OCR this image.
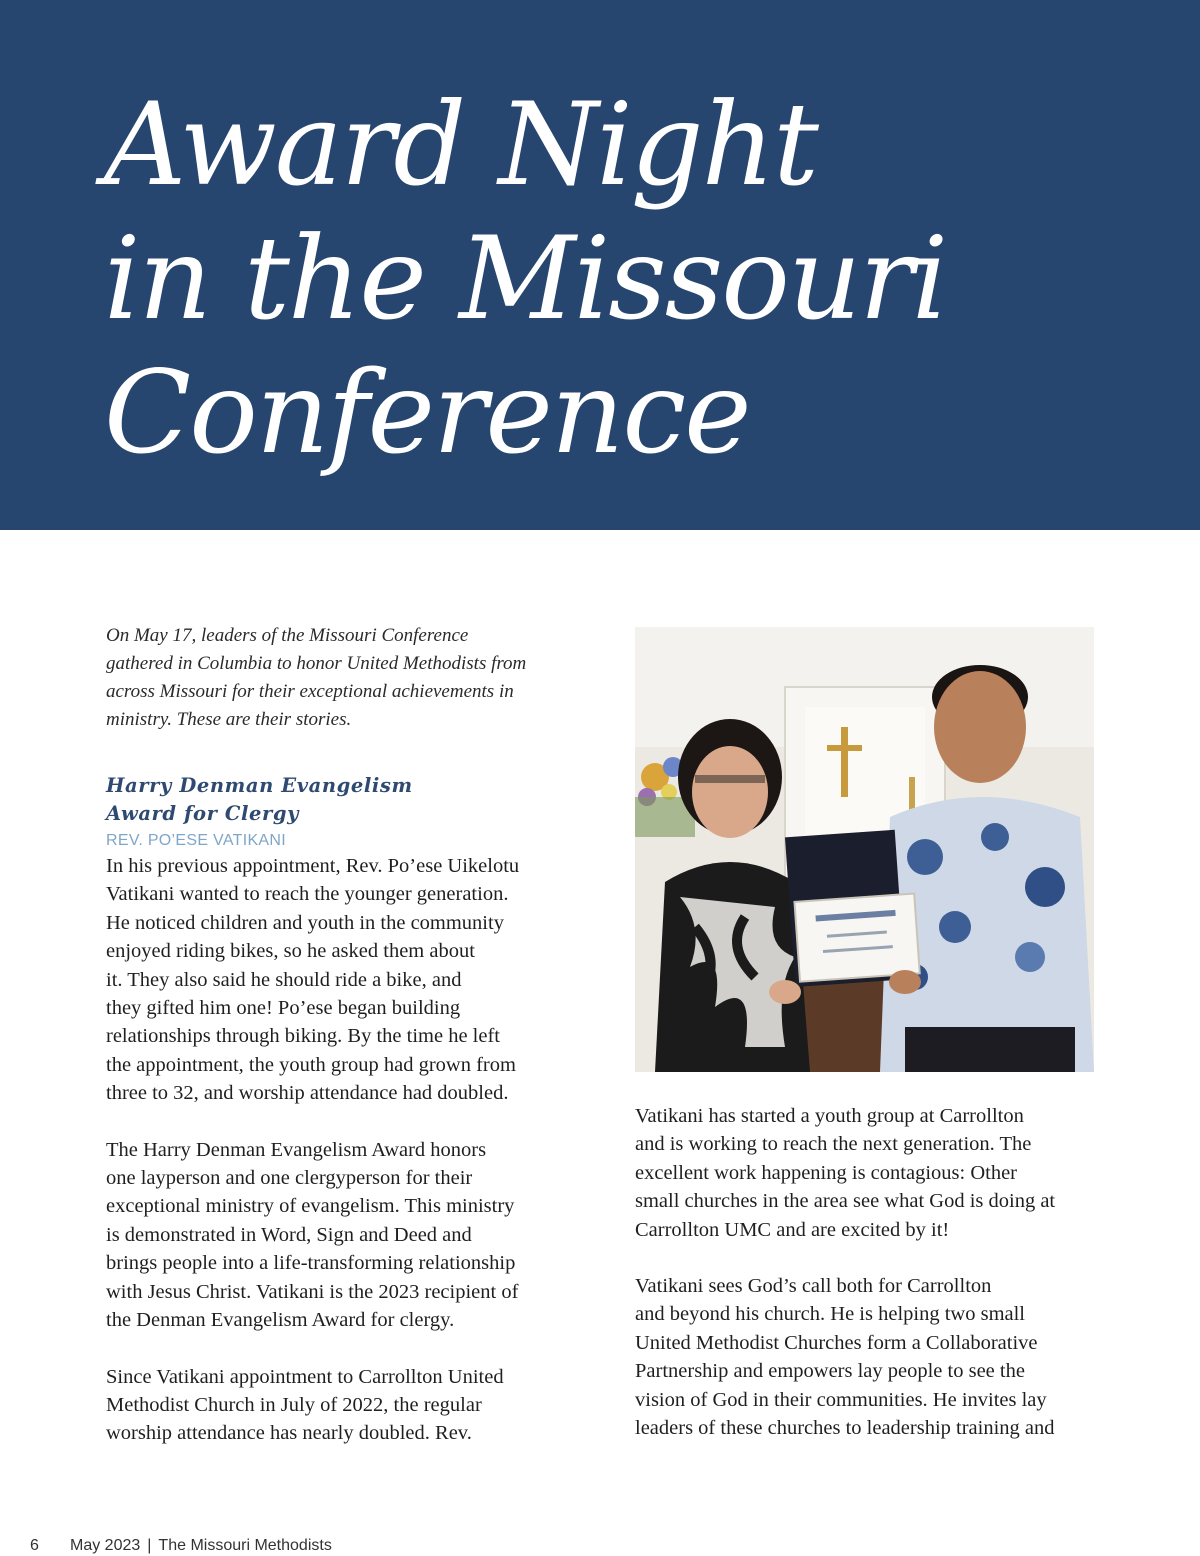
Award Night
in the Missouri
Conference

On May 17, leaders of the Missouri Conference
gathered in Columbia to honor United Methodists from
across Missouri for their exceptional achievements in
ministry. These are their stories.

Harry Denman Evangelism
Award for Clergy

REV. PO’ESE VATIKANI

In his previous appointment, Rev. Po’ese Uikelotu
Vatikani wanted to reach the younger generation.
He noticed children and youth in the community
enjoyed riding bikes, so he asked them about
it. They also said he should ride a bike, and
they gifted him one! Po’ese began building
relationships through biking. By the time he left
the appointment, the youth group had grown from
three to 32, and worship attendance had doubled.

The Harry Denman Evangelism Award honors
one layperson and one clergyperson for their
exceptional ministry of evangelism. This ministry
is demonstrated in Word, Sign and Deed and
brings people into a life-transforming relationship
with Jesus Christ. Vatikani is the 2023 recipient of
the Denman Evangelism Award for clergy.

Since Vatikani appointment to Carrollton United
Methodist Church in July of 2022, the regular
worship attendance has nearly doubled. Rev.

Vatikani has started a youth group at Carrollton
and is working to reach the next generation. The
excellent work happening is contagious: Other
small churches in the area see what God is doing at
Carrollton UMC and are excited by it!

Vatikani sees God’s call both for Carrollton
and beyond his church. He is helping two small
United Methodist Churches form a Collaborative
Partnership and empowers lay people to see the
vision of God in their communities. He invites lay
leaders of these churches to leadership training and

6 May 2023 | The Missouri Methodists
